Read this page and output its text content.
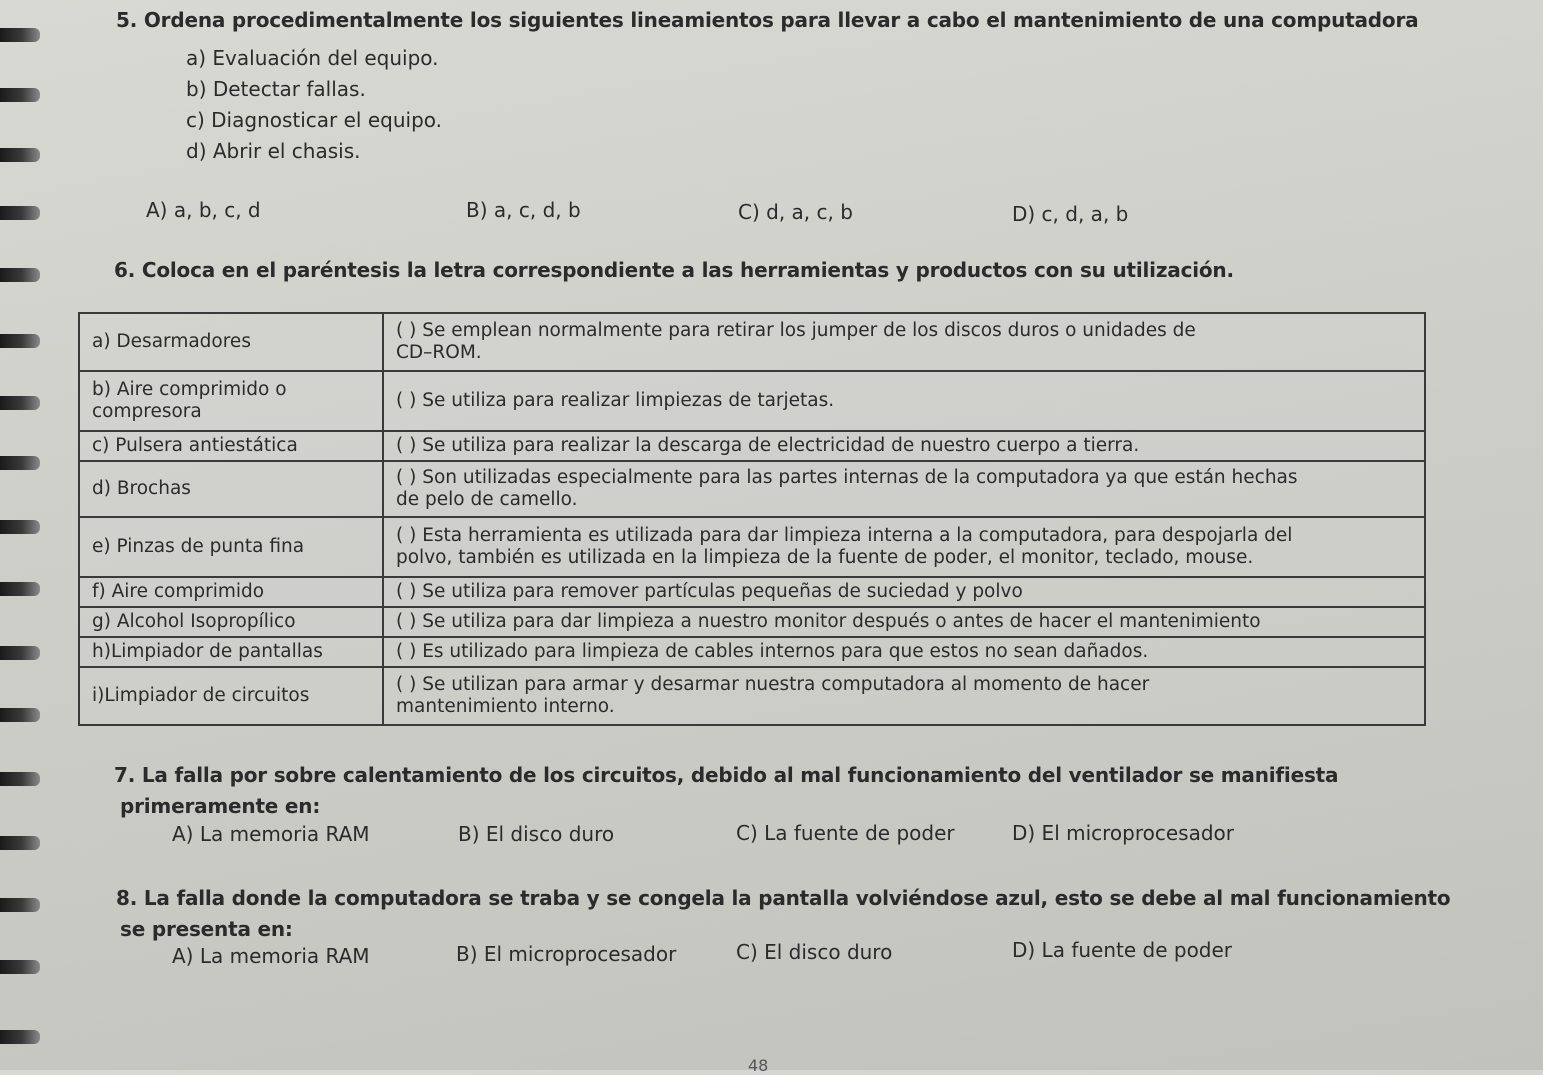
5. Ordena procedimentalmente los siguientes lineamientos para llevar a cabo el mantenimiento de una computadora
a) Evaluación del equipo.
b) Detectar fallas.
c) Diagnosticar el equipo.
d) Abrir el chasis.
A) a, b, c, d	B) a, c, d, b	C) d, a, c, b	D) c, d, a, b
6. Coloca en el paréntesis la letra correspondiente a las herramientas y productos con su utilización.
a) Desarmadores	( ) Se emplean normalmente para retirar los jumper de los discos duros o unidades de
CD–ROM.
b) Aire comprimido o compresora	( ) Se utiliza para realizar limpiezas de tarjetas.
c) Pulsera antiestática	( ) Se utiliza para realizar la descarga de electricidad de nuestro cuerpo a tierra.
d) Brochas	( ) Son utilizadas especialmente para las partes internas de la computadora ya que están hechas
de pelo de camello.
e) Pinzas de punta fina	( ) Esta herramienta es utilizada para dar limpieza interna a la computadora, para despojarla del
polvo, también es utilizada en la limpieza de la fuente de poder, el monitor, teclado, mouse.
f) Aire comprimido	( ) Se utiliza para remover partículas pequeñas de suciedad y polvo
g) Alcohol Isopropílico	( ) Se utiliza para dar limpieza a nuestro monitor después o antes de hacer el mantenimiento
h)Limpiador de pantallas	( ) Es utilizado para limpieza de cables internos para que estos no sean dañados.
i)Limpiador de circuitos	( ) Se utilizan para armar y desarmar nuestra computadora al momento de hacer
mantenimiento interno.
7. La falla por sobre calentamiento de los circuitos, debido al mal funcionamiento del ventilador se manifiesta
primeramente en:
A) La memoria RAM	B) El disco duro	C) La fuente de poder	D) El microprocesador
8. La falla donde la computadora se traba y se congela la pantalla volviéndose azul, esto se debe al mal funcionamiento
se presenta en:
A) La memoria RAM	B) El microprocesador	C) El disco duro	D) La fuente de poder
48
